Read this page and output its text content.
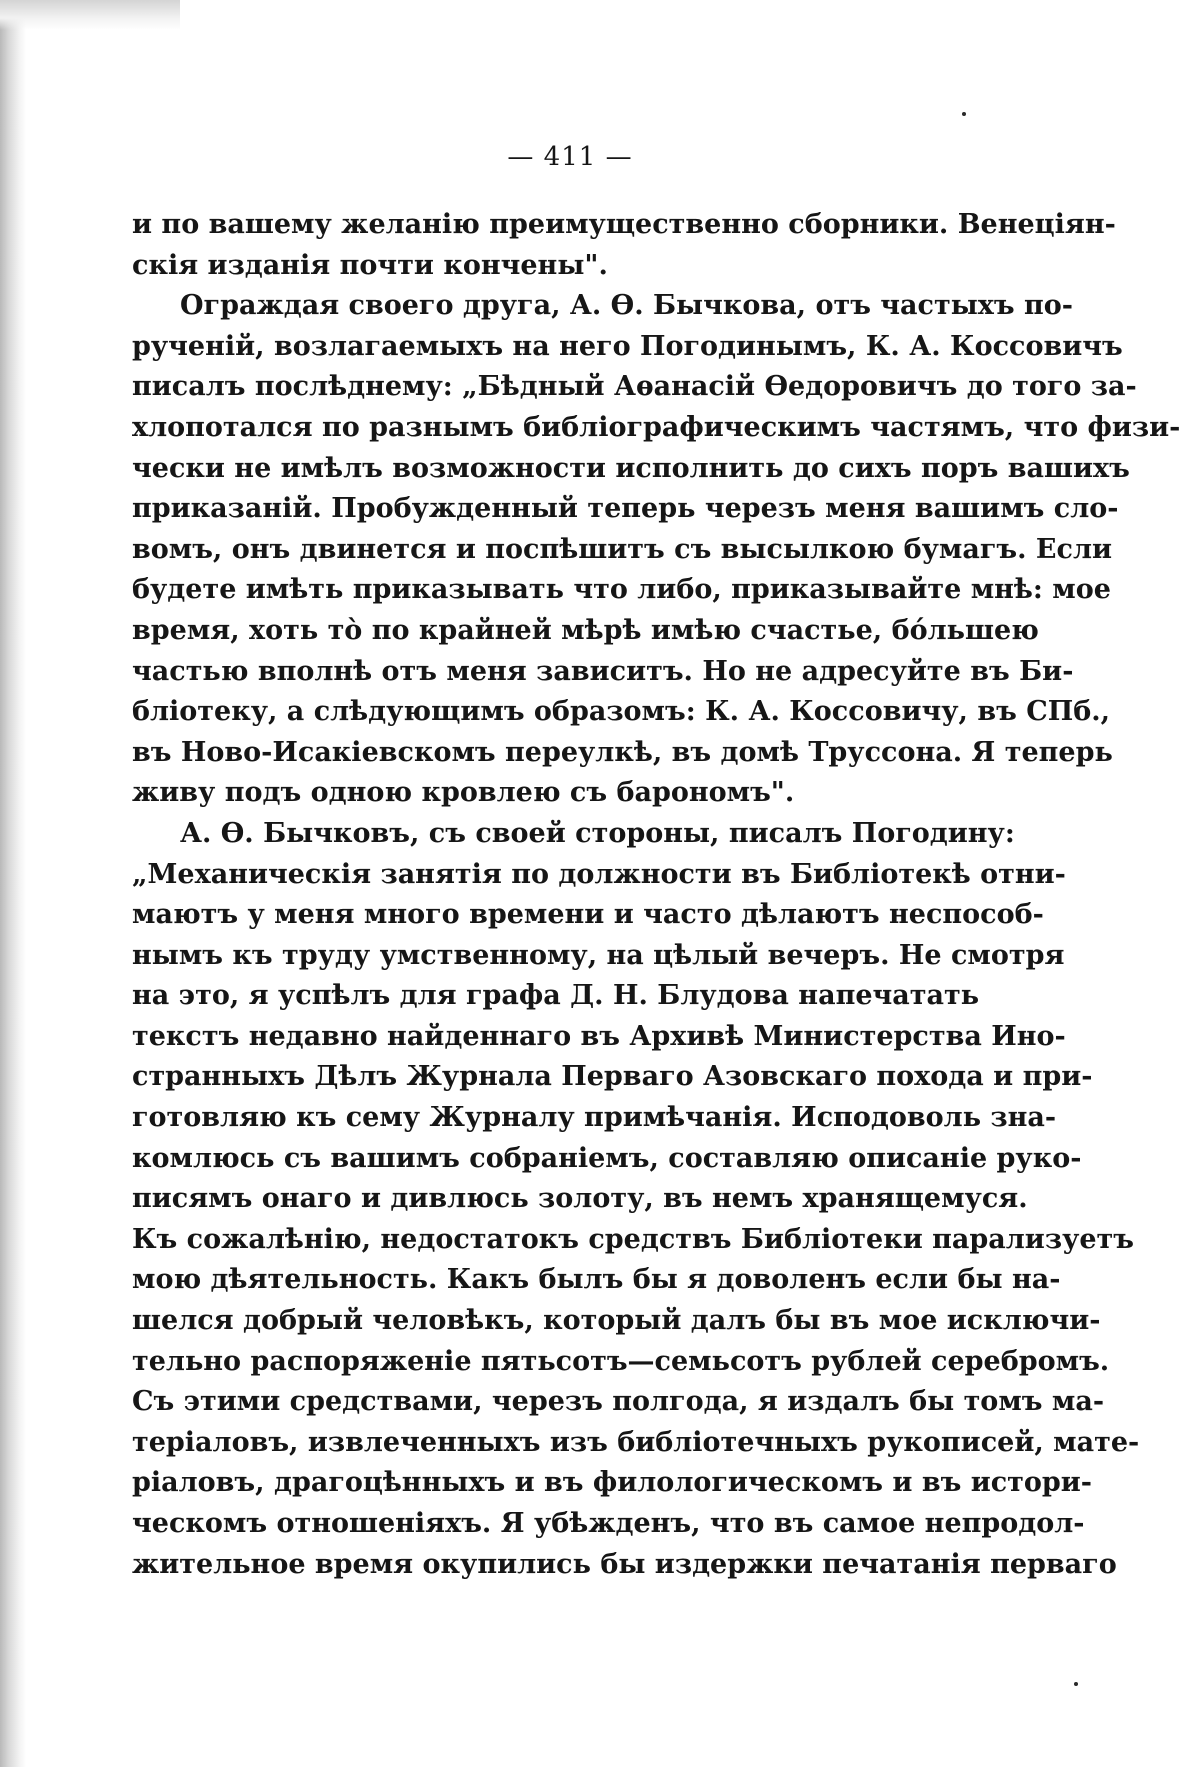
— 411 —
и по вашему желанію преимущественно сборники. Венеціян-
скія изданія почти кончены".
Ограждая своего друга, А. Ѳ. Бычкова, отъ частыхъ по-
рученій, возлагаемыхъ на него Погодинымъ, К. А. Коссовичъ
писалъ послѣднему: „Бѣдный Аѳанасій Ѳедоровичъ до того за-
хлопотался по разнымъ библіографическимъ частямъ, что физи-
чески не имѣлъ возможности исполнить до сихъ поръ вашихъ
приказаній. Пробужденный теперь черезъ меня вашимъ сло-
вомъ, онъ двинется и поспѣшитъ съ высылкою бумагъ. Если
будете имѣть приказывать что либо, приказывайте мнѣ: мое
время, хоть тò по крайней мѣрѣ имѣю счастье, бóльшею
частью вполнѣ отъ меня зависитъ. Но не адресуйте въ Би-
бліотеку, а слѣдующимъ образомъ: К. А. Коссовичу, въ СПб.,
въ Ново-Исакіевскомъ переулкѣ, въ домѣ Труссона. Я теперь
живу подъ одною кровлею съ барономъ".
А. Ѳ. Бычковъ, съ своей стороны, писалъ Погодину:
„Механическія занятія по должности въ Библіотекѣ отни-
маютъ у меня много времени и часто дѣлаютъ неспособ-
нымъ къ труду умственному, на цѣлый вечеръ. Не смотря
на это, я успѣлъ для графа Д. Н. Блудова напечатать
текстъ недавно найденнаго въ Архивѣ Министерства Ино-
странныхъ Дѣлъ Журнала Перваго Азовскаго похода и при-
готовляю къ сему Журналу примѣчанія. Исподоволь зна-
комлюсь съ вашимъ собраніемъ, составляю описаніе руко-
писямъ онаго и дивлюсь золоту, въ немъ хранящемуся.
Къ сожалѣнію, недостатокъ средствъ Библіотеки парализуетъ
мою дѣятельность. Какъ былъ бы я доволенъ если бы на-
шелся добрый человѣкъ, который далъ бы въ мое исключи-
тельно распоряженіе пятьсотъ—семьсотъ рублей серебромъ.
Съ этими средствами, черезъ полгода, я издалъ бы томъ ма-
теріаловъ, извлеченныхъ изъ библіотечныхъ рукописей, мате-
ріаловъ, драгоцѣнныхъ и въ филологическомъ и въ истори-
ческомъ отношеніяхъ. Я убѣжденъ, что въ самое непродол-
жительное время окупились бы издержки печатанія перваго
